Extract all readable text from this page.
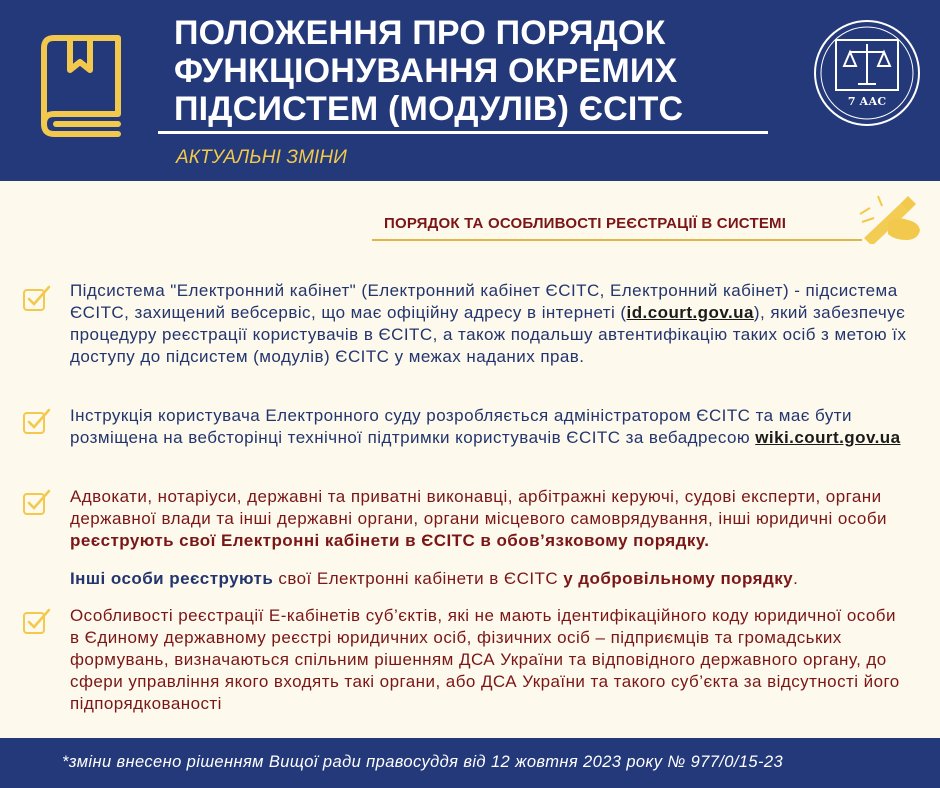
ПОЛОЖЕННЯ ПРО ПОРЯДОК
ФУНКЦІОНУВАННЯ ОКРЕМИХ
ПІДСИСТЕМ (МОДУЛІВ) ЄСІТС
АКТУАЛЬНІ ЗМІНИ
7 ААС
ПОРЯДОК ТА ОСОБЛИВОСТІ РЕЄСТРАЦІЇ В СИСТЕМІ
Підсистема "Електронний кабінет" (Електронний кабінет ЄСІТС, Електронний кабінет) - підсистема ЄСІТС, захищений вебсервіс, що має офіційну адресу в інтернеті (id.court.gov.ua), який забезпечує процедуру реєстрації користувачів в ЄСІТС, а також подальшу автентифікацію таких осіб з метою їх доступу до підсистем (модулів) ЄСІТС у межах наданих прав.
Інструкція користувача Електронного суду розробляється адміністратором ЄСІТС та має бути розміщена на вебсторінці технічної підтримки користувачів ЄСІТС за вебадресою wiki.court.gov.ua
Адвокати, нотаріуси, державні та приватні виконавці, арбітражні керуючі, судові експерти, органи державної влади та інші державні органи, органи місцевого самоврядування, інші юридичні особи реєструють свої Електронні кабінети в ЄСІТС в обов’язковому порядку.
Інші особи реєструють свої Електронні кабінети в ЄСІТС у добровільному порядку.
Особливості реєстрації Е-кабінетів суб’єктів, які не мають ідентифікаційного коду юридичної особи в Єдиному державному реєстрі юридичних осіб, фізичних осіб – підприємців та громадських формувань, визначаються спільним рішенням ДСА України та відповідного державного органу, до сфери управління якого входять такі органи, або ДСА України та такого суб’єкта за відсутності його підпорядкованості
*зміни внесено рішенням Вищої ради правосуддя від 12 жовтня 2023 року № 977/0/15-23
